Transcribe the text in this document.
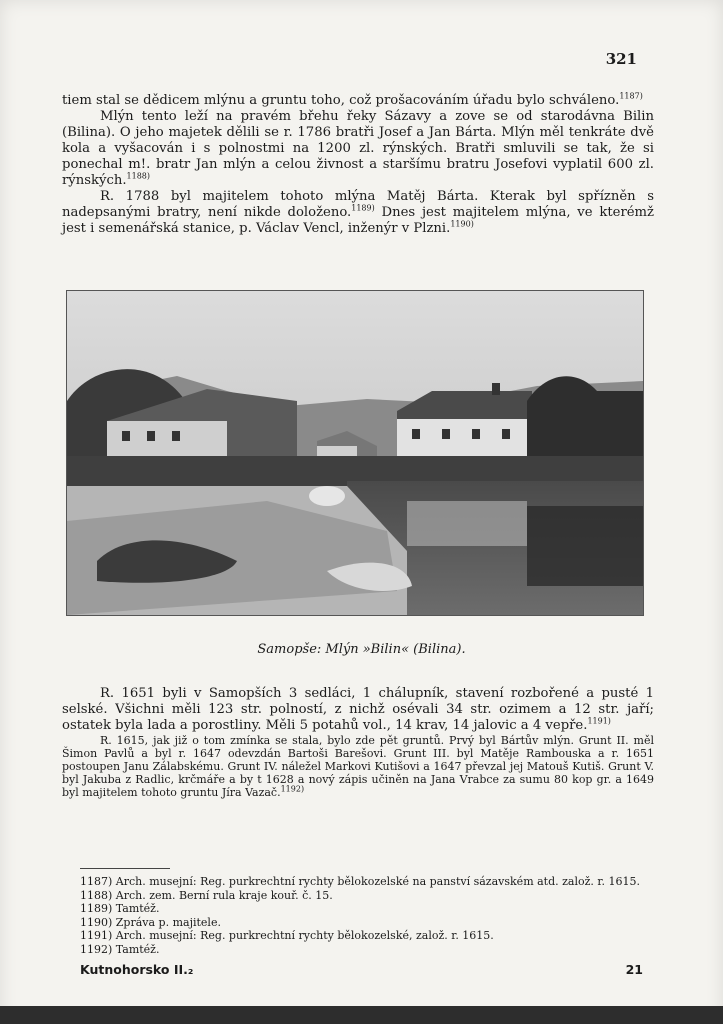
321

tiem stal se dědicem mlýnu a gruntu toho, což prošacováním úřadu bylo schváleno.$^{1187)}$

Mlýn tento leží na pravém břehu řeky Sázavy a zove se od starodávna Bilin (Bilina). O jeho majetek dělili se r. 1786 bratři Josef a Jan Bárta. Mlýn měl tenkráte dvě kola a vyšacován i s polnostmi na 1200 zl. rýnských. Bratři smluvili se tak, že si ponechal m!. bratr Jan mlýn a celou živnost a staršímu bratru Josefovi vyplatil 600 zl. rýnských.$^{1188)}$

R. 1788 byl majitelem tohoto mlýna Matěj Bárta. Kterak byl spřízněn s nadepsanými bratry, není nikde doloženo.$^{1189)}$ Dnes jest majitelem mlýna, ve kterémž jest i semenářská stanice, p. Václav Vencl, inženýr v Plzni.$^{1190)}$

Samopše: Mlýn »Bilin« (Bilina).

R. 1651 byli v Samopších 3 sedláci, 1 chálupník, stavení rozbořené a pusté 1 selské. Všichni měli 123 str. polností, z nichž osévali 34 str. ozimem a 12 str. jaří; ostatek byla lada a porostliny. Měli 5 potahů vol., 14 krav, 14 jalovic a 4 vepře.$^{1191)}$

R. 1615, jak již o tom zmínka se stala, bylo zde pět gruntů. Prvý byl Bártův mlýn. Grunt II. měl Šimon Pavlů a byl r. 1647 odevzdán Bartoši Barešovi. Grunt III. byl Matěje Rambouska a r. 1651 postoupen Janu Zálabskému. Grunt IV. náležel Markovi Kutišovi a 1647 převzal jej Matouš Kutiš. Grunt V. byl Jakuba z Radlic, krčmáře a by t 1628 a nový zápis učiněn na Jana Vrabce za sumu 80 kop gr. a 1649 byl majitelem tohoto gruntu Jíra Vazač.$^{1192)}$

1187) Arch. musejní: Reg. purkrechtní rychty bělokozelské na panství sázavském atd. založ. r. 1615.

1188) Arch. zem. Berní rula kraje kouř. č. 15.

1189) Tamtéž.

1190) Zpráva p. majitele.

1191) Arch. musejní: Reg. purkrechtní rychty bělokozelské, založ. r. 1615.

1192) Tamtéž.

Kutnohorsko II.₂	21
